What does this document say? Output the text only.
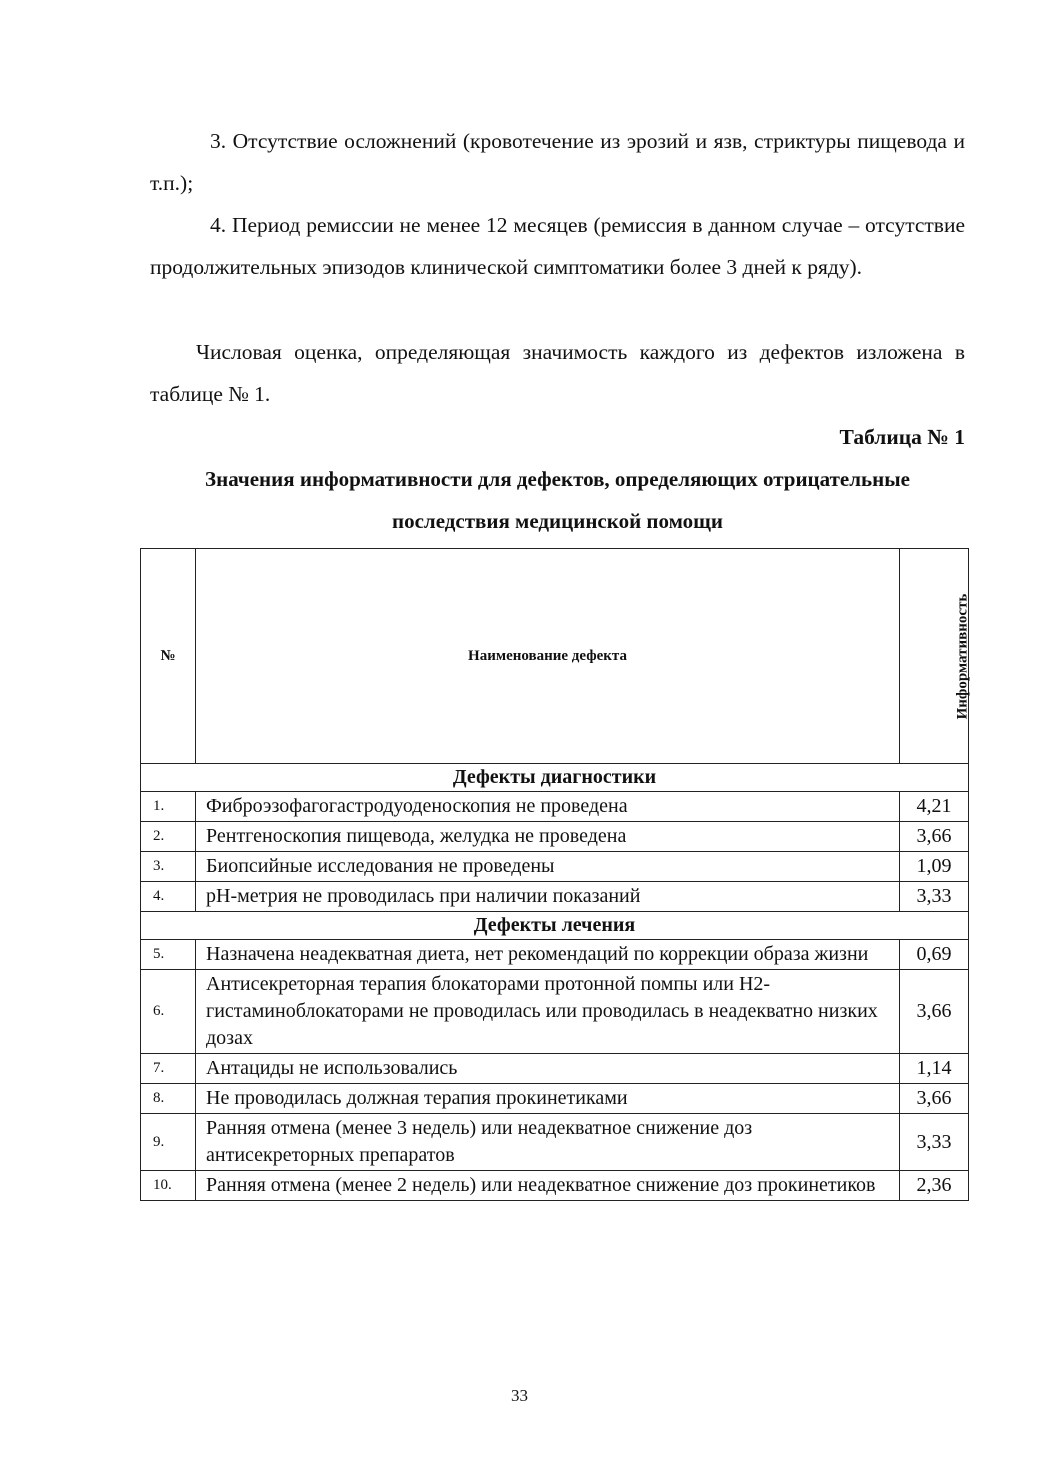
3. Отсутствие осложнений (кровотечение из эрозий и язв, стриктуры пищевода и т.п.);
4. Период ремиссии не менее 12 месяцев (ремиссия в данном случае – отсутствие продолжительных эпизодов клинической симптоматики более 3 дней к ряду).
Числовая оценка, определяющая значимость каждого из дефектов изложена в таблице № 1.
Таблица № 1
Значения информативности для дефектов, определяющих отрицательные последствия медицинской помощи
№	Наименование дефекта	Информативность
Дефекты диагностики		
1.	Фиброэзофагогастродуоденоскопия не проведена	4,21
2.	Рентгеноскопия пищевода, желудка не проведена	3,66
3.	Биопсийные исследования не проведены	1,09
4.	рН-метрия не проводилась при наличии показаний	3,33
Дефекты лечения		
5.	Назначена неадекватная диета, нет рекомендаций по коррекции образа жизни	0,69
6.	Антисекреторная терапия блокаторами протонной помпы или Н2-гистаминоблокаторами не проводилась или проводилась в неадекватно низких дозах	3,66
7.	Антациды не использовались	1,14
8.	Не проводилась должная терапия прокинетиками	3,66
9.	Ранняя отмена (менее 3 недель) или неадекватное снижение доз антисекреторных препаратов	3,33
10.	Ранняя отмена (менее 2 недель) или неадекватное снижение доз прокинетиков	2,36
33
